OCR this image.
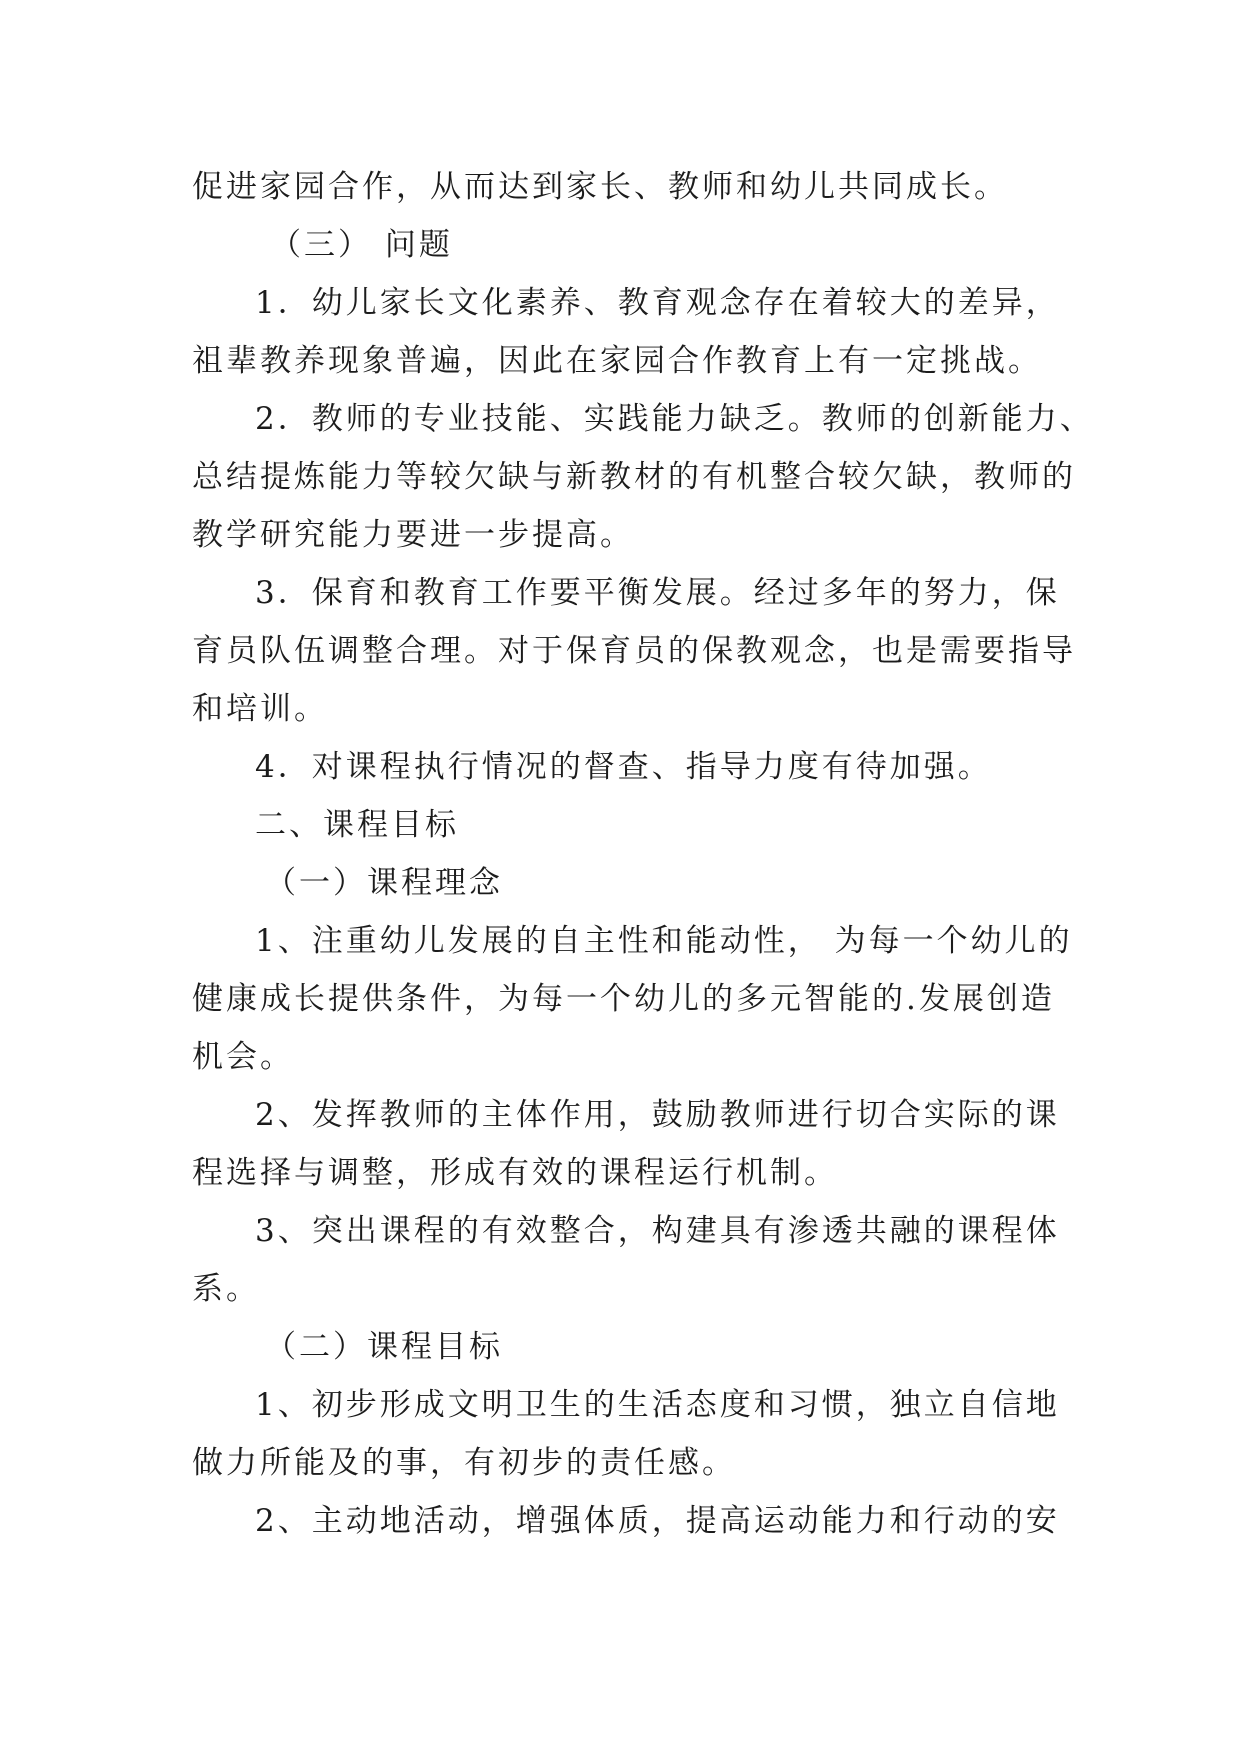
促进家园合作，从而达到家长、教师和幼儿共同成长。
（三） 问题
1．幼儿家长文化素养、教育观念存在着较大的差异，
祖辈教养现象普遍，因此在家园合作教育上有一定挑战。
2．教师的专业技能、实践能力缺乏。教师的创新能力、
总结提炼能力等较欠缺与新教材的有机整合较欠缺，教师的
教学研究能力要进一步提高。
3．保育和教育工作要平衡发展。经过多年的努力，保
育员队伍调整合理。对于保育员的保教观念，也是需要指导
和培训。
4．对课程执行情况的督查、指导力度有待加强。
二、课程目标
（一）课程理念
1、注重幼儿发展的自主性和能动性， 为每一个幼儿的
健康成长提供条件，为每一个幼儿的多元智能的.发展创造
机会。
2、发挥教师的主体作用，鼓励教师进行切合实际的课
程选择与调整，形成有效的课程运行机制。
3、突出课程的有效整合，构建具有渗透共融的课程体
系。
（二）课程目标
1、初步形成文明卫生的生活态度和习惯，独立自信地
做力所能及的事，有初步的责任感。
2、主动地活动，增强体质，提高运动能力和行动的安
